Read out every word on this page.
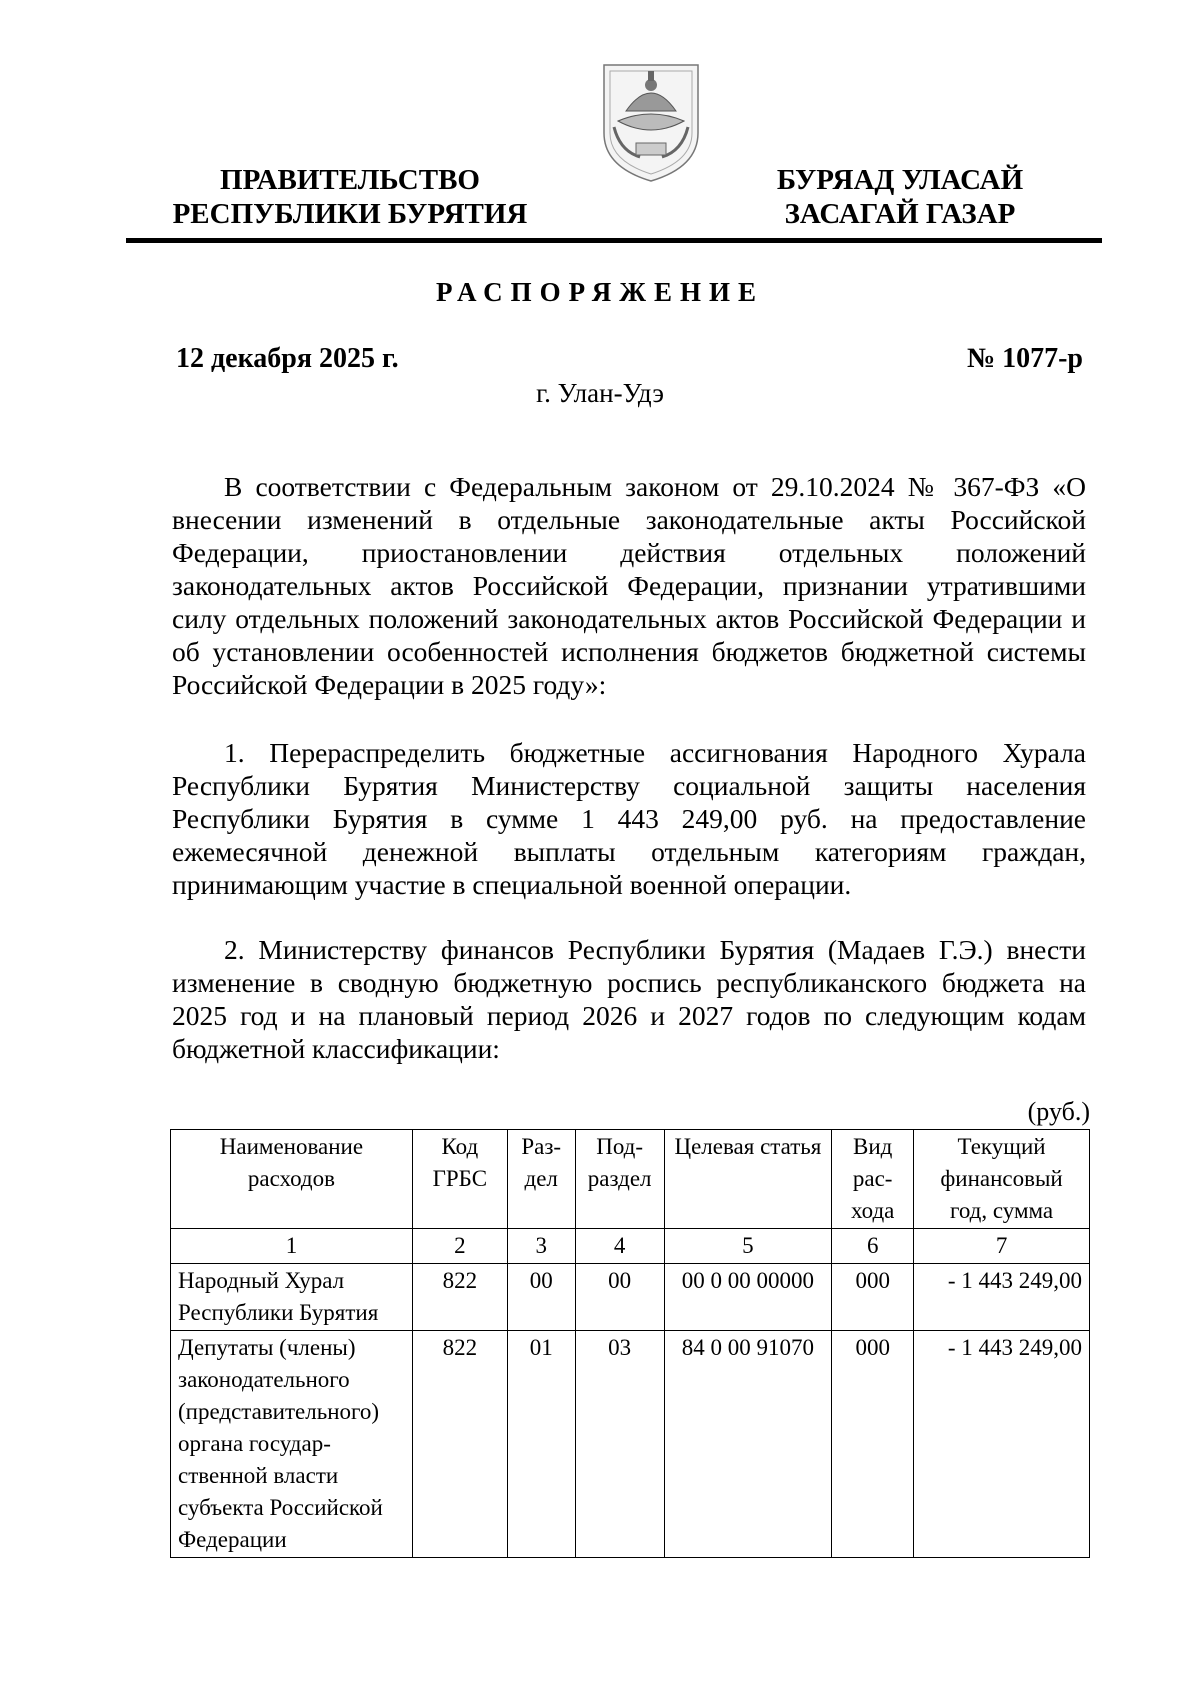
ПРАВИТЕЛЬСТВО
РЕСПУБЛИКИ БУРЯТИЯ
БУРЯАД УЛАСАЙ
ЗАСАГАЙ ГАЗАР
РАСПОРЯЖЕНИЕ
12 декабря 2025 г.	№ 1077-р
г. Улан-Удэ

В соответствии с Федеральным законом от 29.10.2024 № 367-ФЗ «О внесении изменений в отдельные законодательные акты Российской Федерации, приостановлении действия отдельных положений законодательных актов Российской Федерации, признании утратившими силу отдельных положений законодательных актов Российской Федерации и об установлении особенностей исполнения бюджетов бюджетной системы Российской Федерации в 2025 году»:

1. Перераспределить бюджетные ассигнования Народного Хурала Республики Бурятия Министерству социальной защиты населения Республики Бурятия в сумме 1 443 249,00 руб. на предоставление ежемесячной денежной выплаты отдельным категориям граждан, принимающим участие в специальной военной операции.

2. Министерству финансов Республики Бурятия (Мадаев Г.Э.) внести изменение в сводную бюджетную роспись республиканского бюджета на 2025 год и на плановый период 2026 и 2027 годов по следующим кодам бюджетной классификации:

(руб.)
Наименование расходов	Код ГРБС	Раз-дел	Под-раздел	Целевая статья	Вид рас-хода	Текущий финансовый год, сумма
1	2	3	4	5	6	7
Народный Хурал Республики Бурятия	822	00	00	00 0 00 00000	000	- 1 443 249,00
Депутаты (члены) законодательного (представительного) органа государ-ственной власти субъекта Российской Федерации	822	01	03	84 0 00 91070	000	- 1 443 249,00
